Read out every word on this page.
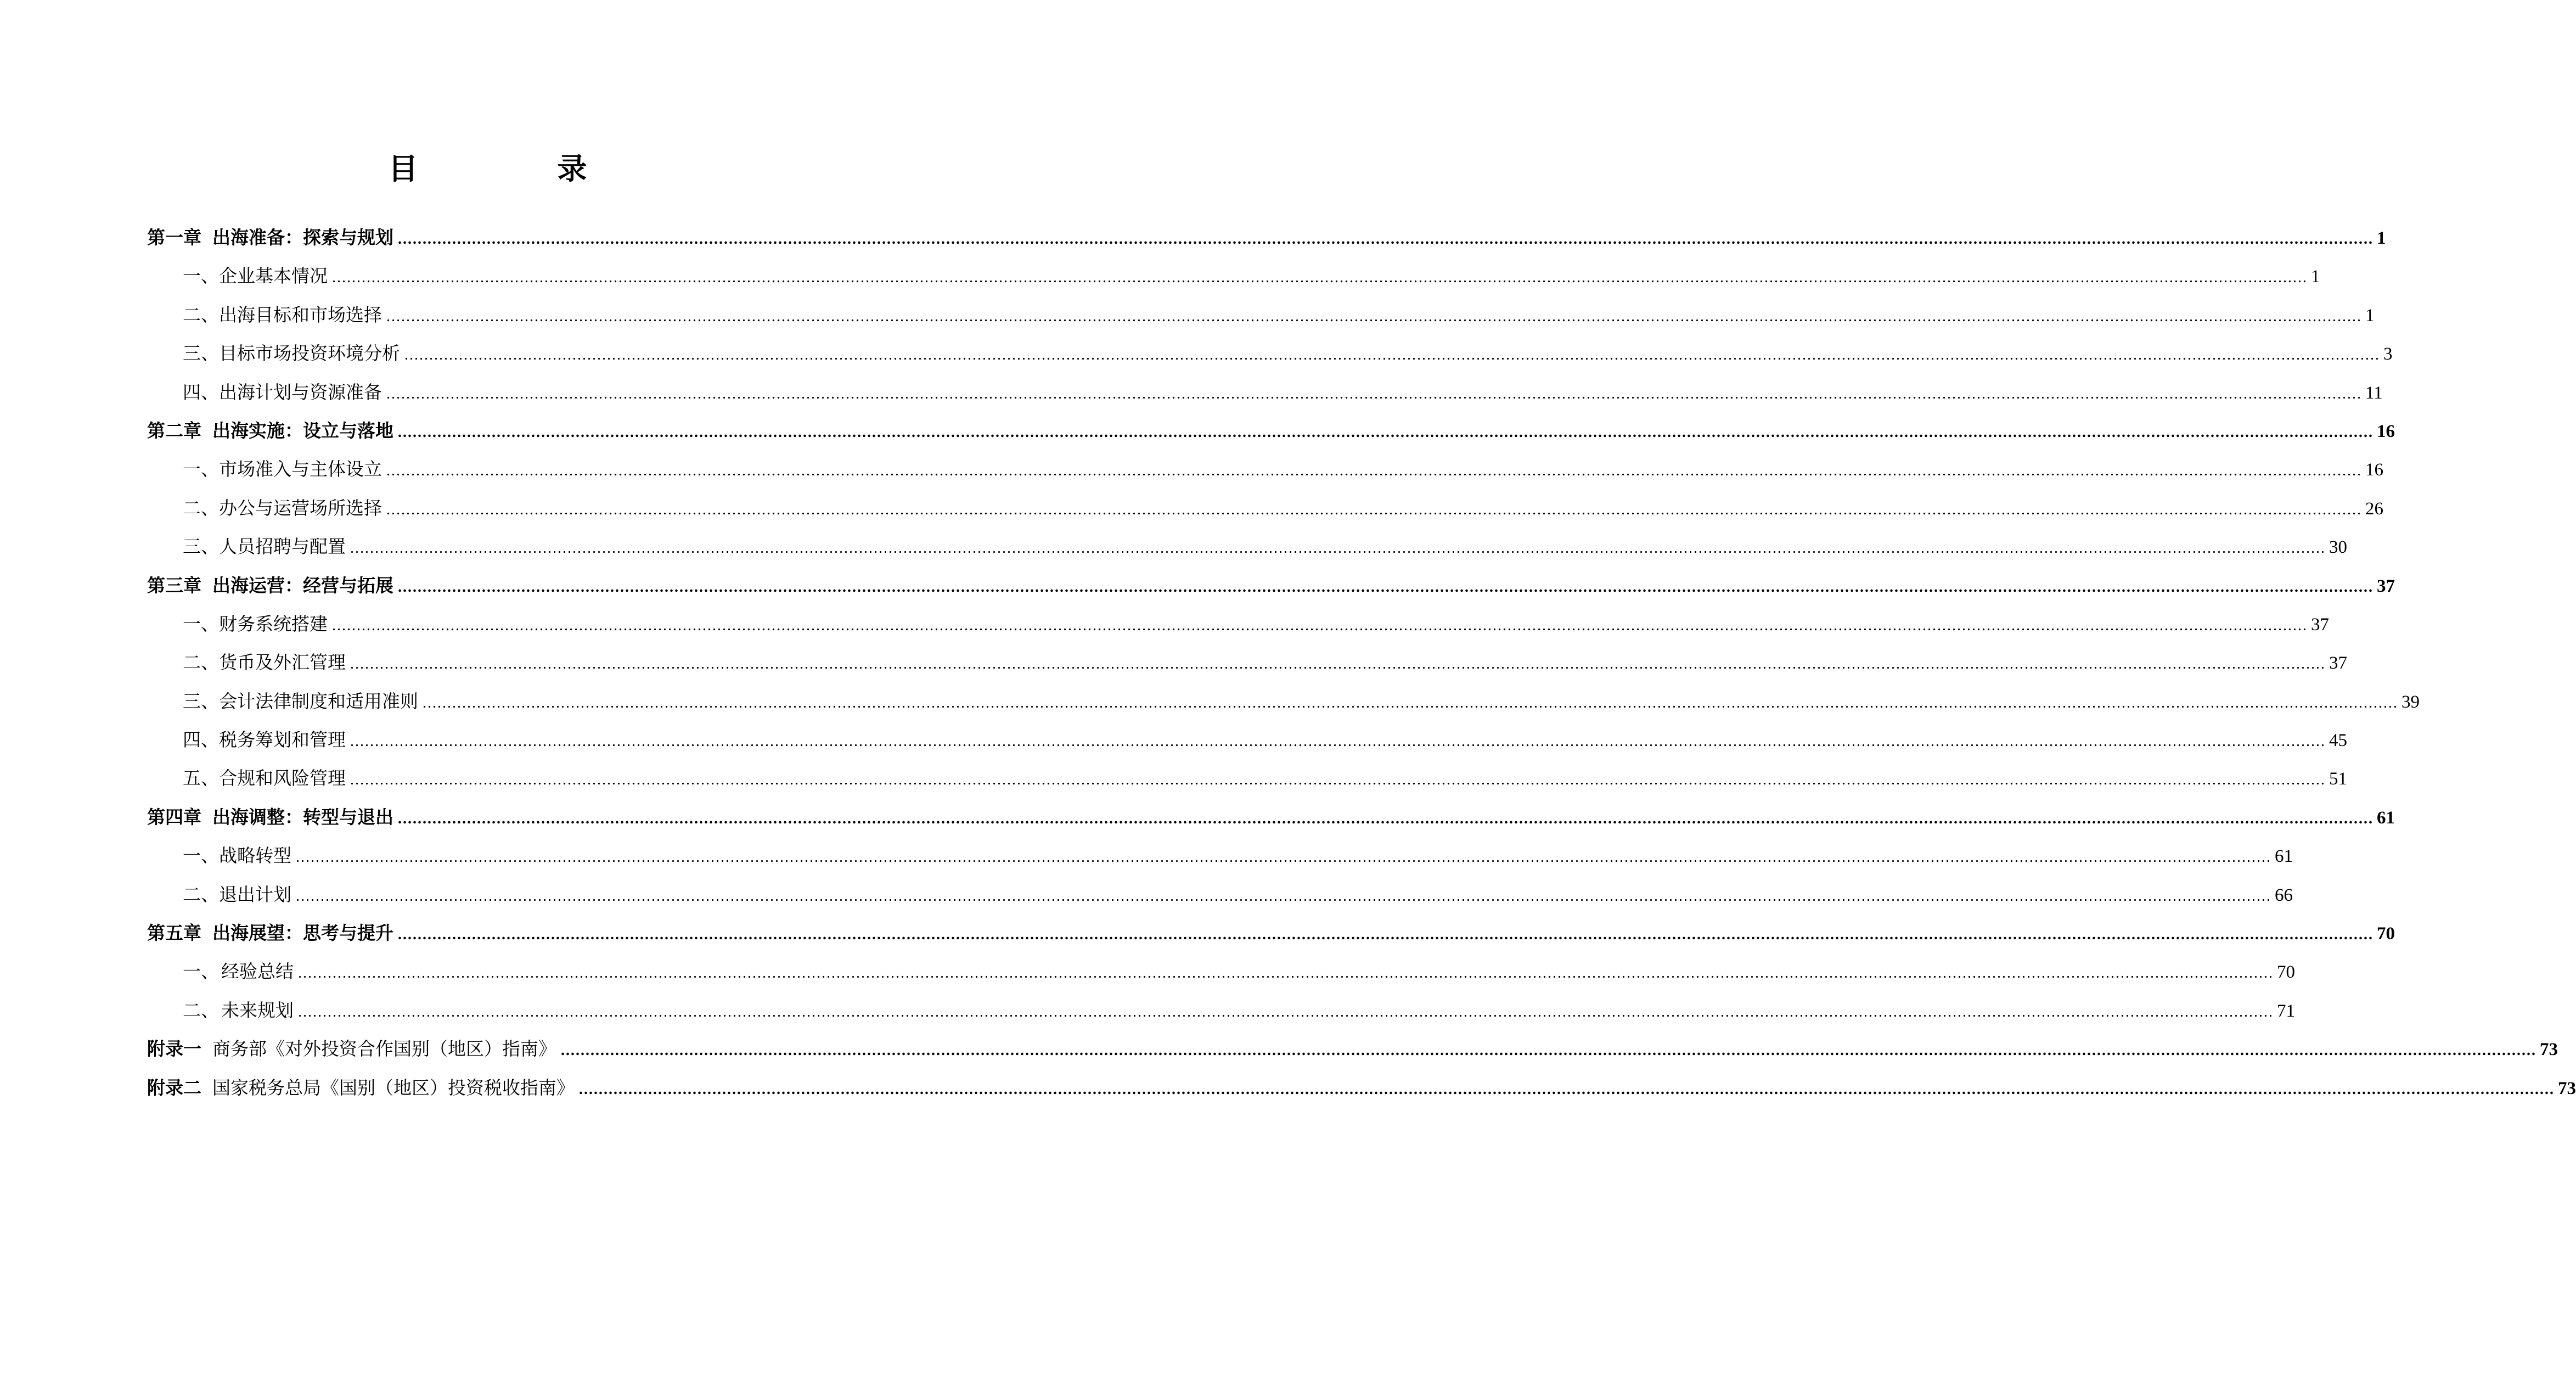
目　录
第一章 出海准备：探索与规划 ................................................................................................................................................................................................................................................................................................................................................................................................................ 1
一、 企业基本情况 ................................................................................................................................................................................................................................................................................................................................................................................................................ 1
二、 出海目标和市场选择 ................................................................................................................................................................................................................................................................................................................................................................................................................ 1
三、 目标市场投资环境分析 ................................................................................................................................................................................................................................................................................................................................................................................................................ 3
四、 出海计划与资源准备 ................................................................................................................................................................................................................................................................................................................................................................................................................ 11
第二章 出海实施：设立与落地 ................................................................................................................................................................................................................................................................................................................................................................................................................ 16
一、 市场准入与主体设立 ................................................................................................................................................................................................................................................................................................................................................................................................................ 16
二、 办公与运营场所选择 ................................................................................................................................................................................................................................................................................................................................................................................................................ 26
三、 人员招聘与配置 ................................................................................................................................................................................................................................................................................................................................................................................................................ 30
第三章 出海运营：经营与拓展 ................................................................................................................................................................................................................................................................................................................................................................................................................ 37
一、 财务系统搭建 ................................................................................................................................................................................................................................................................................................................................................................................................................ 37
二、 货币及外汇管理 ................................................................................................................................................................................................................................................................................................................................................................................................................ 37
三、 会计法律制度和适用准则 ................................................................................................................................................................................................................................................................................................................................................................................................................ 39
四、 税务筹划和管理 ................................................................................................................................................................................................................................................................................................................................................................................................................ 45
五、 合规和风险管理 ................................................................................................................................................................................................................................................................................................................................................................................................................ 51
第四章 出海调整：转型与退出 ................................................................................................................................................................................................................................................................................................................................................................................................................ 61
一、 战略转型 ................................................................................................................................................................................................................................................................................................................................................................................................................ 61
二、 退出计划 ................................................................................................................................................................................................................................................................................................................................................................................................................ 66
第五章 出海展望：思考与提升 ................................................................................................................................................................................................................................................................................................................................................................................................................ 70
一、 经验总结 ................................................................................................................................................................................................................................................................................................................................................................................................................ 70
二、 未来规划 ................................................................................................................................................................................................................................................................................................................................................................................................................ 71
附录一 商务部《对外投资合作国别（地区）指南》 ................................................................................................................................................................................................................................................................................................................................................................................................................ 73
附录二 国家税务总局《国别（地区）投资税收指南》 ................................................................................................................................................................................................................................................................................................................................................................................................................ 73
